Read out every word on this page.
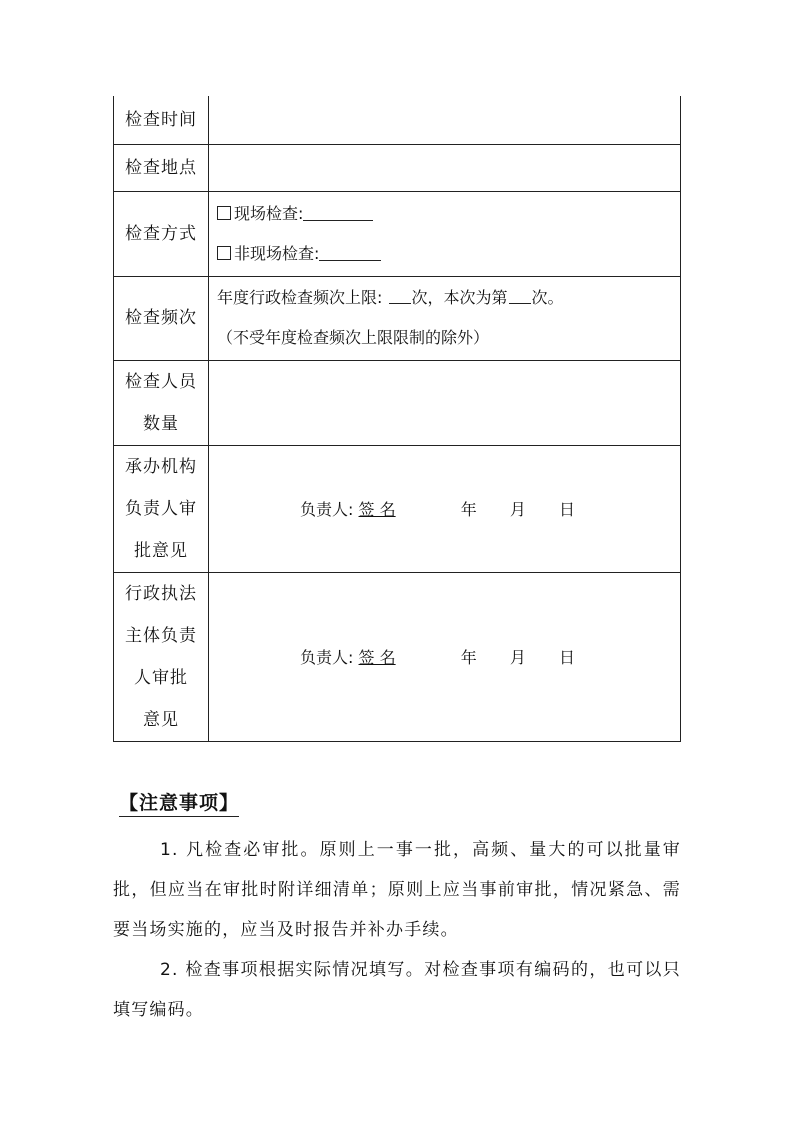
检查时间	
检查地点	
检查方式	现场检查:
非现场检查:

检查频次	年度行政检查频次上限: 次，本次为第 次。
（不受年度检查频次上限限制的除外）

检查人员
数量	

承办机构
负责人审
批意见	负责人: 签 名 年 月 日

行政执法
主体负责
人审批
意见	负责人: 签 名 年 月 日
【注意事项】

1. 凡检查必审批。原则上一事一批，高频、量大的可以批量审批，但应当在审批时附详细清单；原则上应当事前审批，情况紧急、需要当场实施的，应当及时报告并补办手续。

2. 检查事项根据实际情况填写。对检查事项有编码的，也可以只填写编码。
